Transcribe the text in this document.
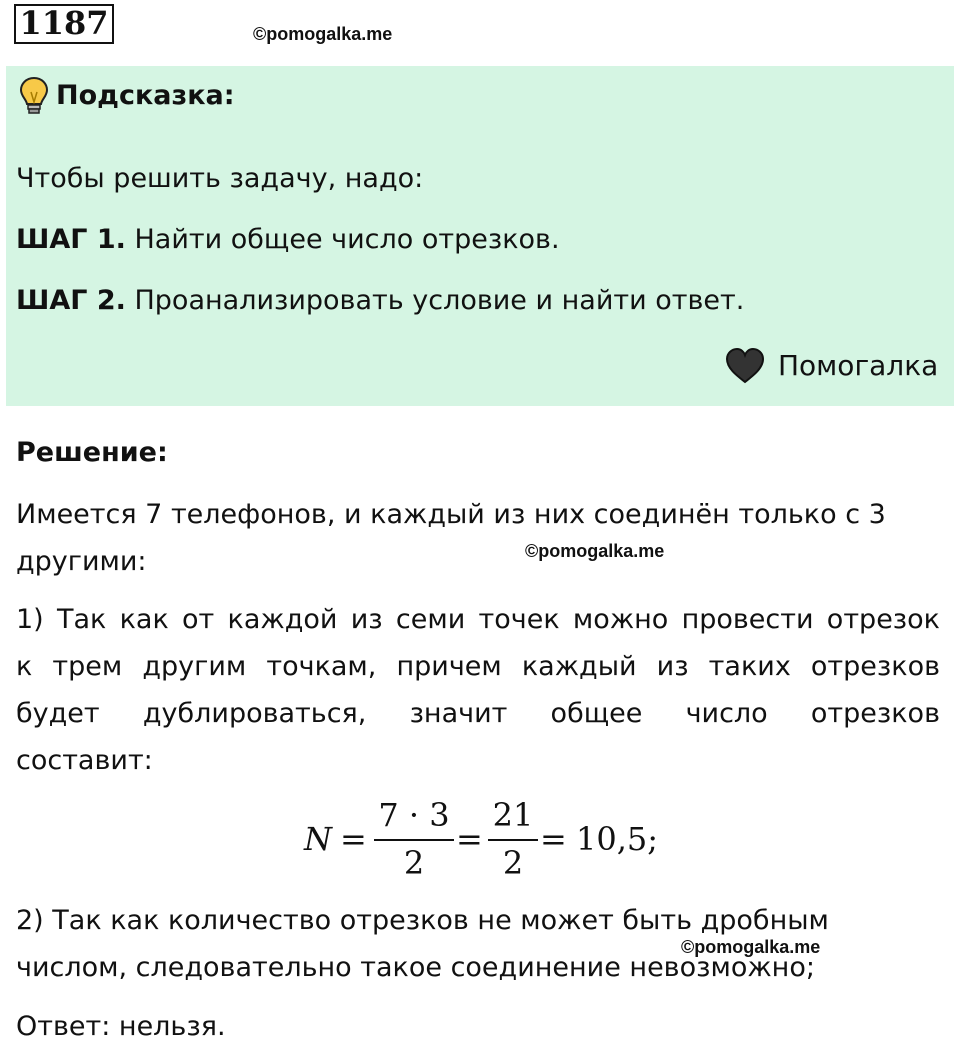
1187	©pomogalka.me
Подсказка:
Чтобы решить задачу, надо:
ШАГ 1. Найти общее число отрезков.
ШАГ 2. Проанализировать условие и найти ответ.
Помогалка
Решение:
Имеется 7 телефонов, и каждый из них соединён только с 3 другими:	©pomogalka.me
1) Так как от каждой из семи точек можно провести отрезок
к трем другим точкам, причем каждый из таких отрезков
будет дублироваться, значит общее число отрезков
составит:
N =
7 · 3
2
=
21
2
= 10,5;
2) Так как количество отрезков не может быть дробным числом, следовательно такое соединение невозможно;
©pomogalka.me
Ответ: нельзя.
